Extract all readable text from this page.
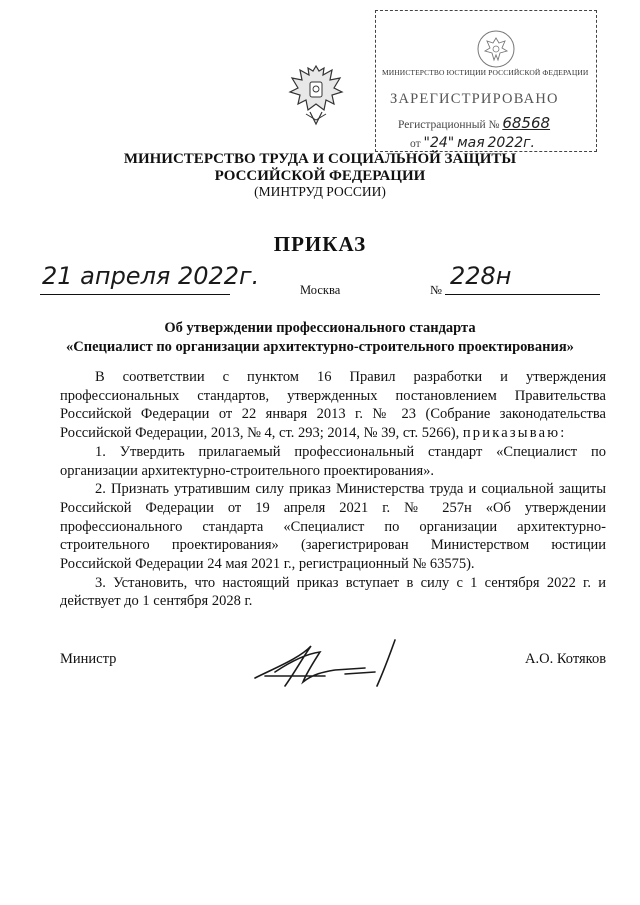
МИНИСТЕРСТВО ЮСТИЦИИ РОССИЙСКОЙ ФЕДЕРАЦИИ
ЗАРЕГИСТРИРОВАНО
Регистрационный № 68568
от "24" мая 2022г.
МИНИСТЕРСТВО ТРУДА И СОЦИАЛЬНОЙ ЗАЩИТЫ
РОССИЙСКОЙ ФЕДЕРАЦИИ
(МИНТРУД РОССИИ)
ПРИКАЗ
21 апреля 2022г.	Москва	№ 228н
Об утверждении профессионального стандарта
«Специалист по организации архитектурно-строительного проектирования»

В соответствии с пунктом 16 Правил разработки и утверждения профессиональных стандартов, утвержденных постановлением Правительства Российской Федерации от 22 января 2013 г. № 23 (Собрание законодательства Российской Федерации, 2013, № 4, ст. 293; 2014, № 39, ст. 5266), приказываю:

1. Утвердить прилагаемый профессиональный стандарт «Специалист по организации архитектурно-строительного проектирования».

2. Признать утратившим силу приказ Министерства труда и социальной защиты Российской Федерации от 19 апреля 2021 г. № 257н «Об утверждении профессионального стандарта «Специалист по организации архитектурно-строительного проектирования» (зарегистрирован Министерством юстиции Российской Федерации 24 мая 2021 г., регистрационный № 63575).

3. Установить, что настоящий приказ вступает в силу с 1 сентября 2022 г. и действует до 1 сентября 2028 г.

Министр	А.О. Котяков
